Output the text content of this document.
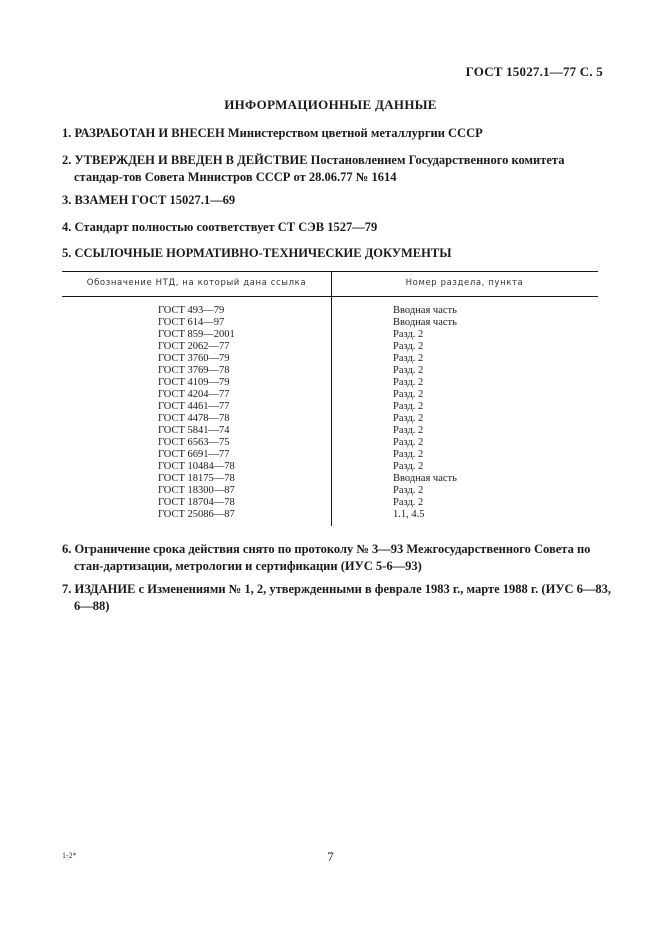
ГОСТ 15027.1—77 С. 5
ИНФОРМАЦИОННЫЕ ДАННЫЕ
1. РАЗРАБОТАН И ВНЕСЕН Министерством цветной металлургии СССР
2. УТВЕРЖДЕН И ВВЕДЕН В ДЕЙСТВИЕ Постановлением Государственного комитета стандар-тов Совета Министров СССР от 28.06.77 № 1614
3. ВЗАМЕН ГОСТ 15027.1—69
4. Стандарт полностью соответствует СТ СЭВ 1527—79
5. ССЫЛОЧНЫЕ НОРМАТИВНО-ТЕХНИЧЕСКИЕ ДОКУМЕНТЫ
Обозначение НТД, на который дана ссылка	Номер раздела, пункта
ГОСТ 493—79
ГОСТ 614—97
ГОСТ 859—2001
ГОСТ 2062—77
ГОСТ 3760—79
ГОСТ 3769—78
ГОСТ 4109—79
ГОСТ 4204—77
ГОСТ 4461—77
ГОСТ 4478—78
ГОСТ 5841—74
ГОСТ 6563—75
ГОСТ 6691—77
ГОСТ 10484—78
ГОСТ 18175—78
ГОСТ 18300—87
ГОСТ 18704—78
ГОСТ 25086—87
Вводная часть
Вводная часть
Разд. 2
Разд. 2
Разд. 2
Разд. 2
Разд. 2
Разд. 2
Разд. 2
Разд. 2
Разд. 2
Разд. 2
Разд. 2
Разд. 2
Вводная часть
Разд. 2
Разд. 2
1.1, 4.5
6. Ограничение срока действия снято по протоколу № 3—93 Межгосударственного Совета по стан-дартизации, метрологии и сертификации (ИУС 5-6—93)
7. ИЗДАНИЕ с Изменениями № 1, 2, утвержденными в феврале 1983 г., марте 1988 г. (ИУС 6—83, 6—88)
1-2*	7
